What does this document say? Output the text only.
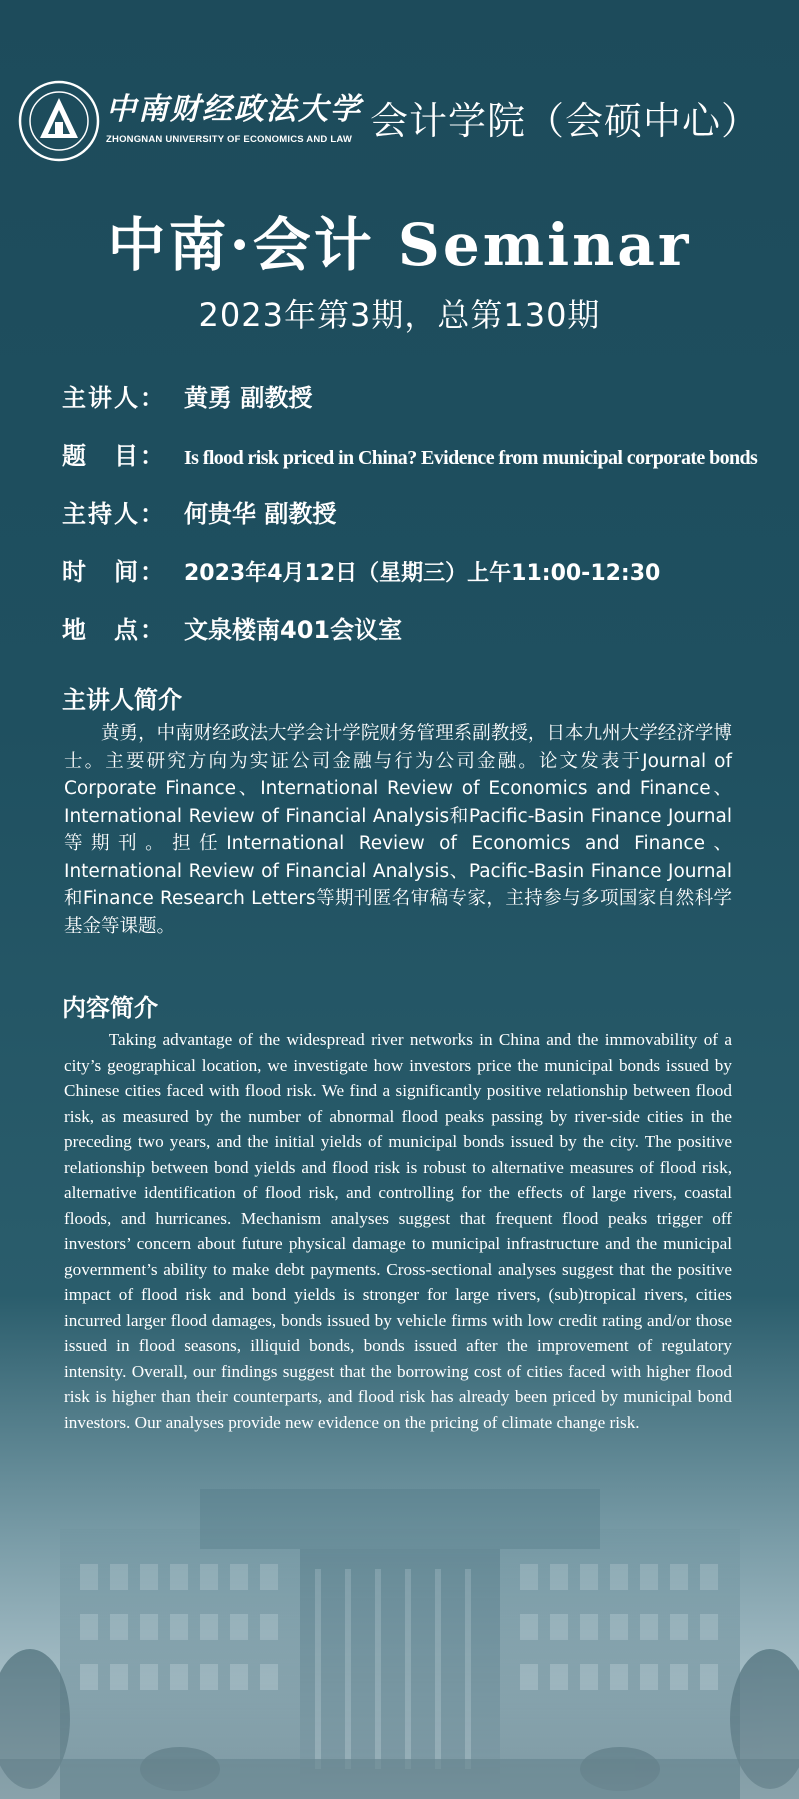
中南财经政法大学
ZHONGNAN UNIVERSITY OF ECONOMICS AND LAW 会计学院（会硕中心）
中南·会计 Seminar
2023年第3期，总第130期
主讲人： 黄勇 副教授
题　目： Is flood risk priced in China? Evidence from municipal corporate bonds
主持人： 何贵华 副教授
时　间： 2023年4月12日（星期三）上午11:00-12:30
地　点： 文泉楼南401会议室
主讲人简介
黄勇，中南财经政法大学会计学院财务管理系副教授，日本九州大学经济学博士。主要研究方向为实证公司金融与行为公司金融。论文发表于Journal of Corporate Finance、International Review of Economics and Finance、International Review of Financial Analysis和Pacific-Basin Finance Journal等期刊。担任International Review of Economics and Finance、International Review of Financial Analysis、Pacific-Basin Finance Journal和Finance Research Letters等期刊匿名审稿专家，主持参与多项国家自然科学基金等课题。
内容简介
Taking advantage of the widespread river networks in China and the immovability of a city’s geographical location, we investigate how investors price the municipal bonds issued by Chinese cities faced with flood risk. We find a significantly positive relationship between flood risk, as measured by the number of abnormal flood peaks passing by river-side cities in the preceding two years, and the initial yields of municipal bonds issued by the city. The positive relationship between bond yields and flood risk is robust to alternative measures of flood risk, alternative identification of flood risk, and controlling for the effects of large rivers, coastal floods, and hurricanes. Mechanism analyses suggest that frequent flood peaks trigger off investors’ concern about future physical damage to municipal infrastructure and the municipal government’s ability to make debt payments. Cross-sectional analyses suggest that the positive impact of flood risk and bond yields is stronger for large rivers, (sub)tropical rivers, cities incurred larger flood damages, bonds issued by vehicle firms with low credit rating and/or those issued in flood seasons, illiquid bonds, bonds issued after the improvement of regulatory intensity. Overall, our findings suggest that the borrowing cost of cities faced with higher flood risk is higher than their counterparts, and flood risk has already been priced by municipal bond investors. Our analyses provide new evidence on the pricing of climate change risk.
